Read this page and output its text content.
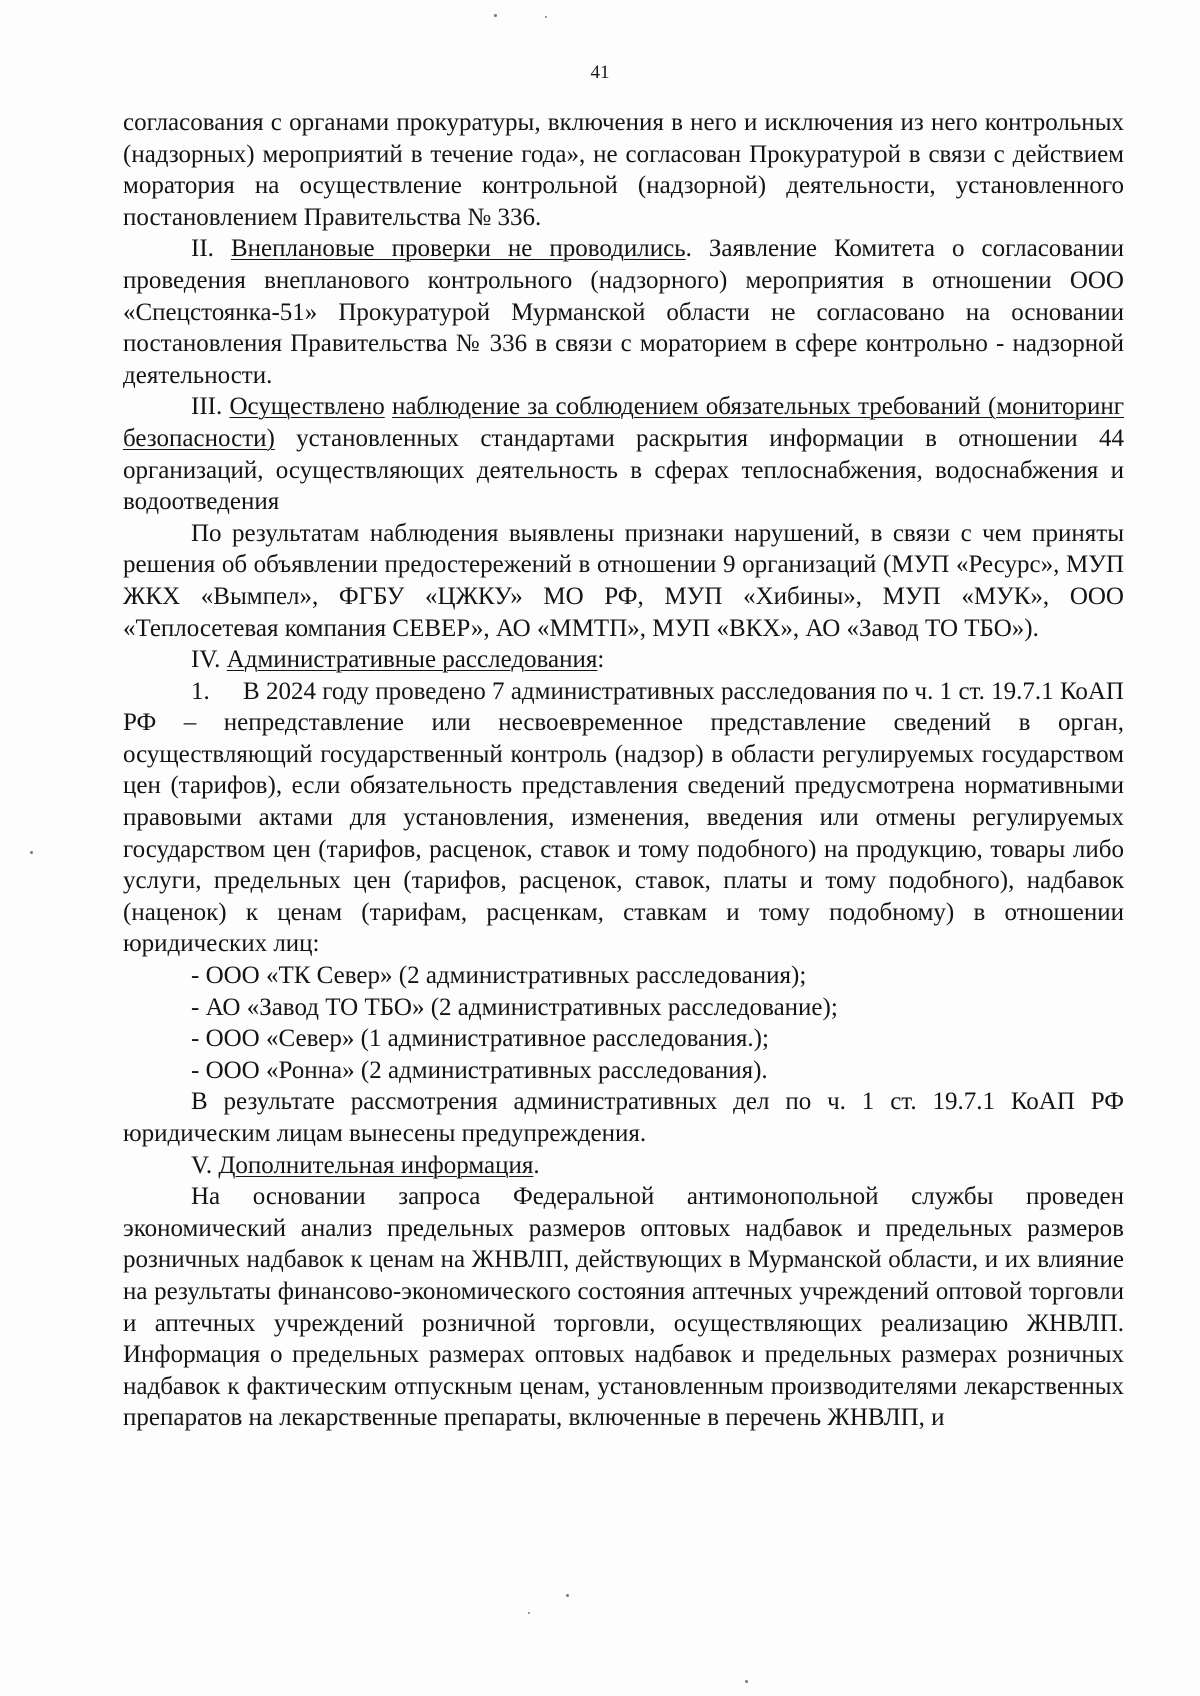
41

согласования с органами прокуратуры, включения в него и исключения из него контрольных (надзорных) мероприятий в течение года», не согласован Прокуратурой в связи с действием моратория на осуществление контрольной (надзорной) деятельности, установленного постановлением Правительства № 336.

II. Внеплановые проверки не проводились. Заявление Комитета о согласовании проведения внепланового контрольного (надзорного) мероприятия в отношении ООО «Спецстоянка-51» Прокуратурой Мурманской области не согласовано на основании постановления Правительства № 336 в связи с мораторием в сфере контрольно - надзорной деятельности.

III. Осуществлено наблюдение за соблюдением обязательных требований (мониторинг безопасности) установленных стандартами раскрытия информации в отношении 44 организаций, осуществляющих деятельность в сферах теплоснабжения, водоснабжения и водоотведения

По результатам наблюдения выявлены признаки нарушений, в связи с чем приняты решения об объявлении предостережений в отношении 9 организаций (МУП «Ресурс», МУП ЖКХ «Вымпел», ФГБУ «ЦЖКУ» МО РФ, МУП «Хибины», МУП «МУК», ООО «Теплосетевая компания СЕВЕР», АО «ММТП», МУП «ВКХ», АО «Завод ТО ТБО»).

IV. Административные расследования:

1. В 2024 году проведено 7 административных расследования по ч. 1 ст. 19.7.1 КоАП РФ – непредставление или несвоевременное представление сведений в орган, осуществляющий государственный контроль (надзор) в области регулируемых государством цен (тарифов), если обязательность представления сведений предусмотрена нормативными правовыми актами для установления, изменения, введения или отмены регулируемых государством цен (тарифов, расценок, ставок и тому подобного) на продукцию, товары либо услуги, предельных цен (тарифов, расценок, ставок, платы и тому подобного), надбавок (наценок) к ценам (тарифам, расценкам, ставкам и тому подобному) в отношении юридических лиц:

- ООО «ТК Север» (2 административных расследования);

- АО «Завод ТО ТБО» (2 административных расследование);

- ООО «Север» (1 административное расследования.);

- ООО «Ронна» (2 административных расследования).

В результате рассмотрения административных дел по ч. 1 ст. 19.7.1 КоАП РФ юридическим лицам вынесены предупреждения.

V. Дополнительная информация.

На основании запроса Федеральной антимонопольной службы проведен экономический анализ предельных размеров оптовых надбавок и предельных размеров розничных надбавок к ценам на ЖНВЛП, действующих в Мурманской области, и их влияние на результаты финансово-экономического состояния аптечных учреждений оптовой торговли и аптечных учреждений розничной торговли, осуществляющих реализацию ЖНВЛП. Информация о предельных размерах оптовых надбавок и предельных размерах розничных надбавок к фактическим отпускным ценам, установленным производителями лекарственных препаратов на лекарственные препараты, включенные в перечень ЖНВЛП, и
